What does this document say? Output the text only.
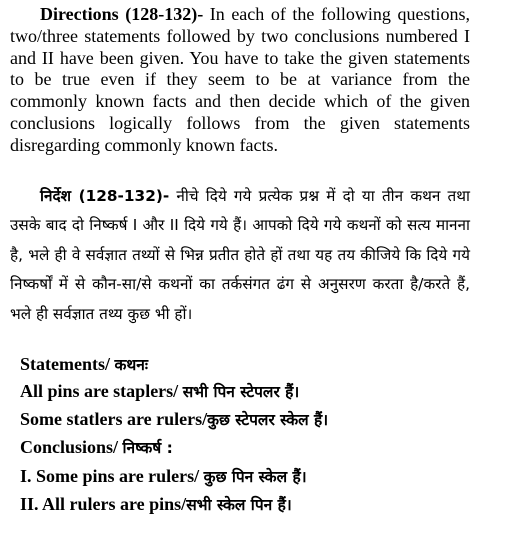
Directions (128-132)- In each of the following questions, two/three statements followed by two conclusions numbered I and II have been given. You have to take the given statements to be true even if they seem to be at variance from the commonly known facts and then decide which of the given conclusions logically follows from the given statements disregarding commonly known facts.
निर्देश (128-132)- नीचे दिये गये प्रत्येक प्रश्न में दो या तीन कथन तथा उसके बाद दो निष्कर्ष I और II दिये गये हैं। आपको दिये गये कथनों को सत्य मानना है, भले ही वे सर्वज्ञात तथ्यों से भिन्न प्रतीत होते हों तथा यह तय कीजिये कि दिये गये निष्कर्षों में से कौन-सा/से कथनों का तर्कसंगत ढंग से अनुसरण करता है/करते हैं, भले ही सर्वज्ञात तथ्य कुछ भी हों।
Statements/ कथनः
All pins are staplers/ सभी पिन स्टेपलर हैं।
Some statlers are rulers/कुछ स्टेपलर स्केल हैं।
Conclusions/ निष्कर्ष :
I. Some pins are rulers/ कुछ पिन स्केल हैं।
II. All rulers are pins/सभी स्केल पिन हैं।
